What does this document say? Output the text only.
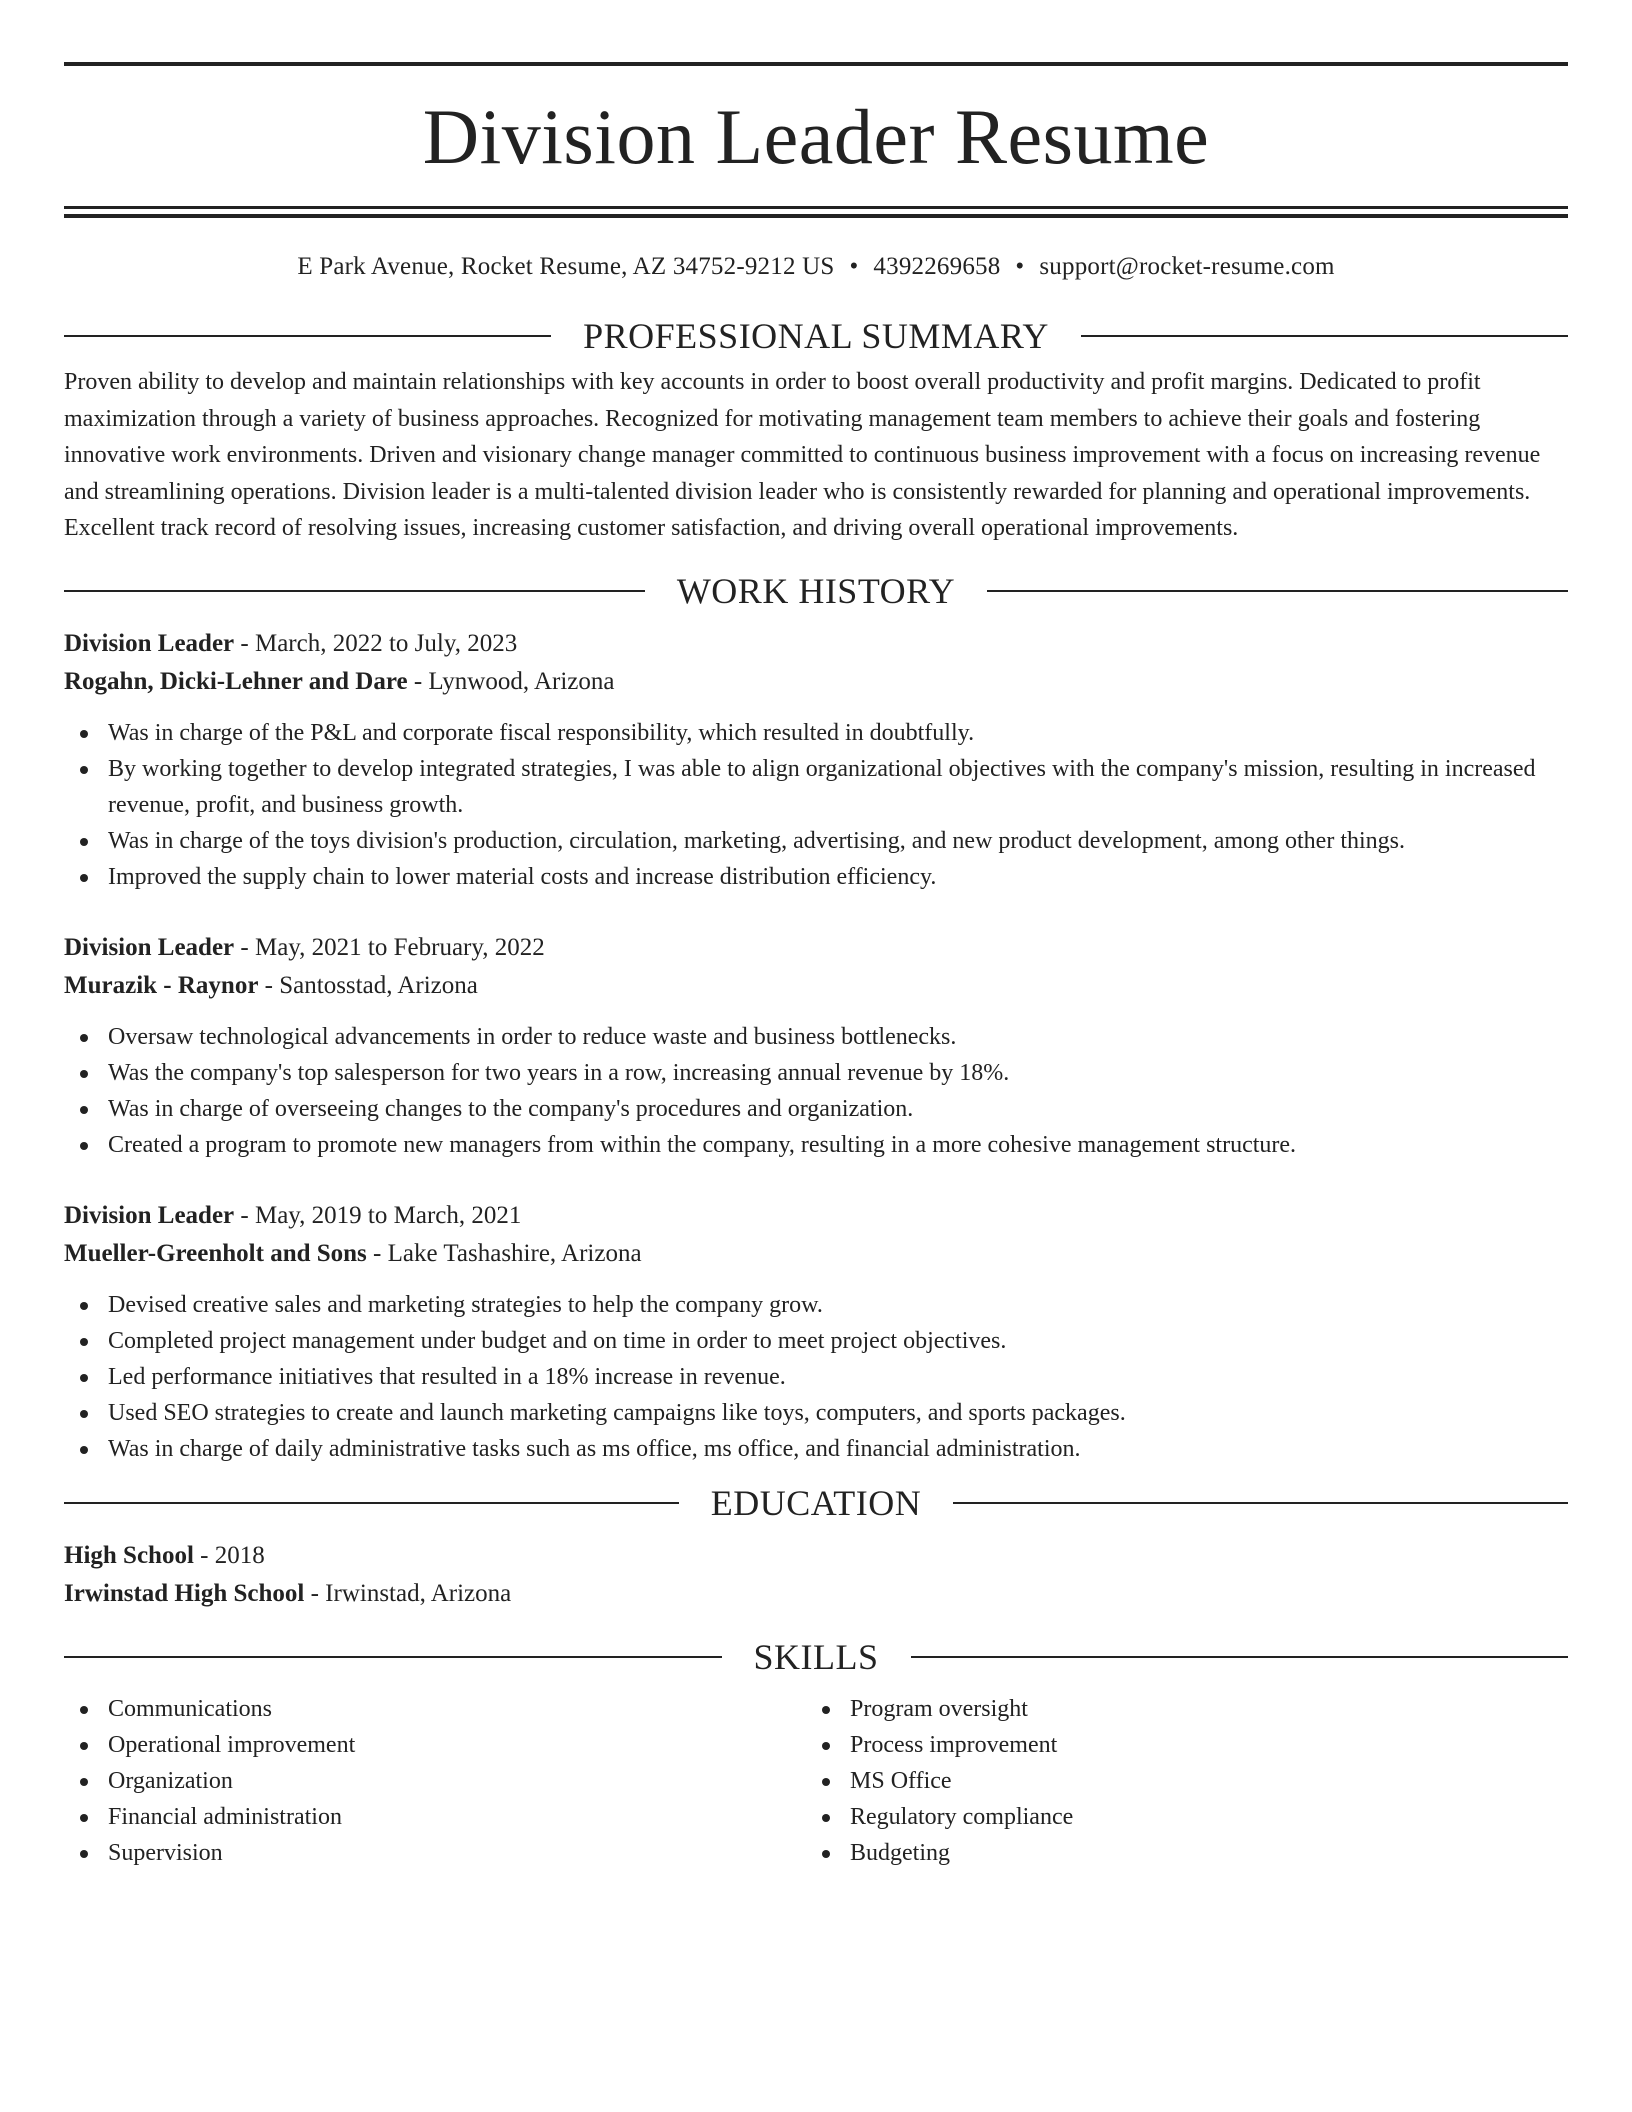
Division Leader Resume
E Park Avenue, Rocket Resume, AZ 34752-9212 US • 4392269658 • support@rocket-resume.com
PROFESSIONAL SUMMARY

Proven ability to develop and maintain relationships with key accounts in order to boost overall productivity and profit margins. Dedicated to profit maximization through a variety of business approaches. Recognized for motivating management team members to achieve their goals and fostering innovative work environments. Driven and visionary change manager committed to continuous business improvement with a focus on increasing revenue and streamlining operations. Division leader is a multi-talented division leader who is consistently rewarded for planning and operational improvements. Excellent track record of resolving issues, increasing customer satisfaction, and driving overall operational improvements.

WORK HISTORY
Division Leader - March, 2022 to July, 2023
Rogahn, Dicki-Lehner and Dare - Lynwood, Arizona
Was in charge of the P&L and corporate fiscal responsibility, which resulted in doubtfully.
By working together to develop integrated strategies, I was able to align organizational objectives with the company's mission, resulting in increased revenue, profit, and business growth.
Was in charge of the toys division's production, circulation, marketing, advertising, and new product development, among other things.
Improved the supply chain to lower material costs and increase distribution efficiency.
Division Leader - May, 2021 to February, 2022
Murazik - Raynor - Santosstad, Arizona
Oversaw technological advancements in order to reduce waste and business bottlenecks.
Was the company's top salesperson for two years in a row, increasing annual revenue by 18%.
Was in charge of overseeing changes to the company's procedures and organization.
Created a program to promote new managers from within the company, resulting in a more cohesive management structure.
Division Leader - May, 2019 to March, 2021
Mueller-Greenholt and Sons - Lake Tashashire, Arizona
Devised creative sales and marketing strategies to help the company grow.
Completed project management under budget and on time in order to meet project objectives.
Led performance initiatives that resulted in a 18% increase in revenue.
Used SEO strategies to create and launch marketing campaigns like toys, computers, and sports packages.
Was in charge of daily administrative tasks such as ms office, ms office, and financial administration.
EDUCATION
High School - 2018
Irwinstad High School - Irwinstad, Arizona
SKILLS
Communications
Operational improvement
Organization
Financial administration
Supervision
Program oversight
Process improvement
MS Office
Regulatory compliance
Budgeting
